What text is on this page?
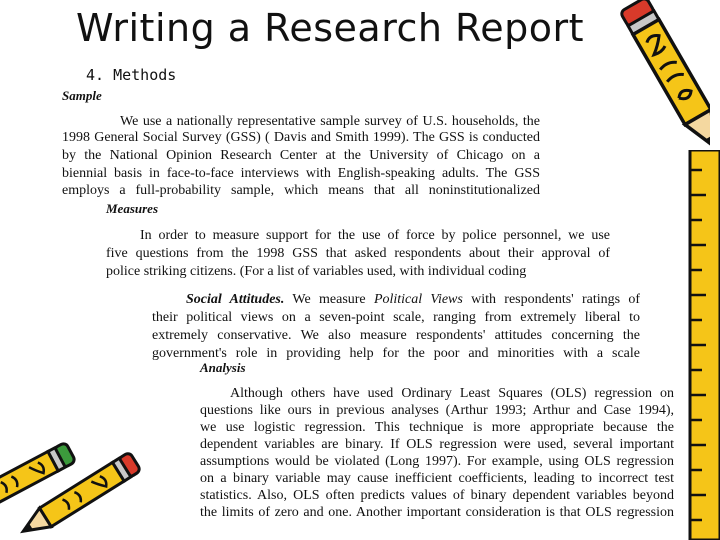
Writing a Research Report
4. Methods
Sample
We use a nationally representative sample survey of U.S. households, the
1998 General Social Survey (GSS) ( Davis and Smith 1999). The GSS is conducted
by the National Opinion Research Center at the University of Chicago on a
biennial basis in face-to-face interviews with English-speaking adults. The GSS
employs a full-probability sample, which means that all noninstitutionalized
Measures
In order to measure support for the use of force by police personnel, we use
five questions from the 1998 GSS that asked respondents about their approval of
police striking citizens. (For a list of variables used, with individual coding
Social Attitudes. We measure Political Views with respondents' ratings of
their political views on a seven-point scale, ranging from extremely liberal to
extremely conservative. We also measure respondents' attitudes concerning the
government's role in providing help for the poor and minorities with a scale
Analysis
Although others have used Ordinary Least Squares (OLS) regression on
questions like ours in previous analyses (Arthur 1993; Arthur and Case 1994),
we use logistic regression. This technique is more appropriate because the
dependent variables are binary. If OLS regression were used, several important
assumptions would be violated (Long 1997). For example, using OLS regression
on a binary variable may cause inefficient coefficients, leading to incorrect test
statistics. Also, OLS often predicts values of binary dependent variables beyond
the limits of zero and one. Another important consideration is that OLS regression
